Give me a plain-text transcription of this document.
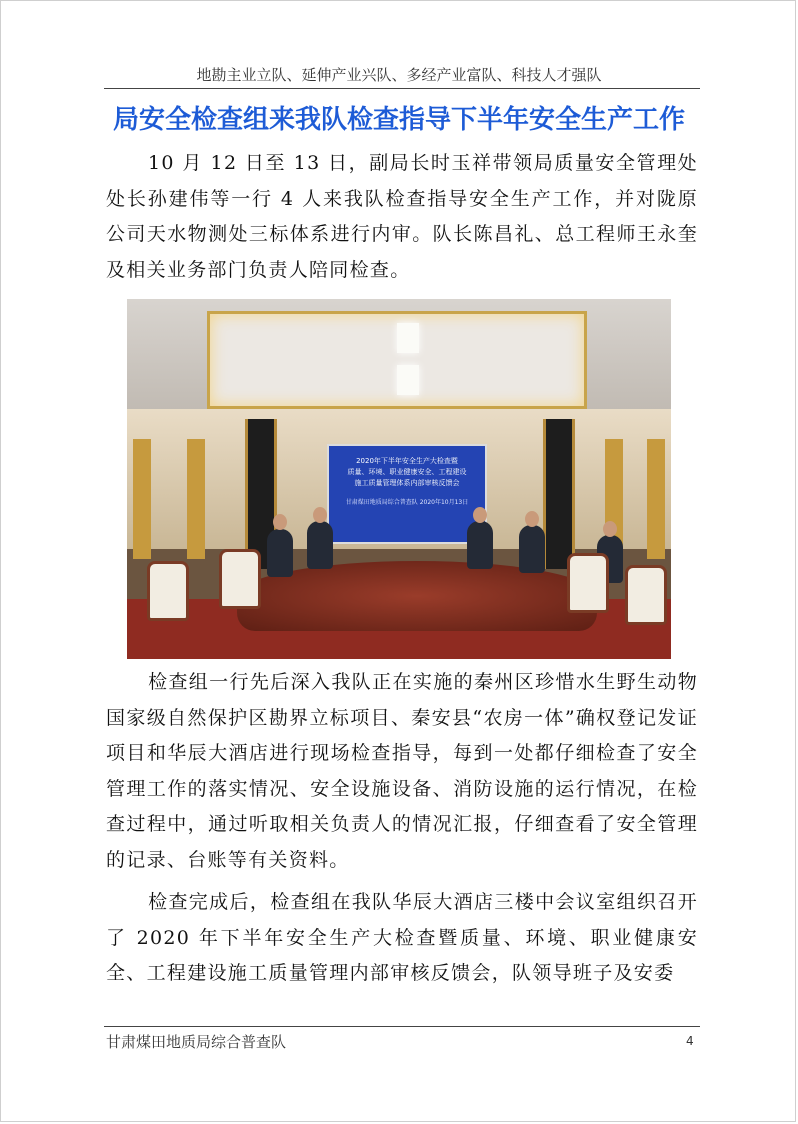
地勘主业立队、延伸产业兴队、多经产业富队、科技人才强队
局安全检查组来我队检查指导下半年安全生产工作
10 月 12 日至 13 日，副局长时玉祥带领局质量安全管理处处长孙建伟等一行 4 人来我队检查指导安全生产工作，并对陇原公司天水物测处三标体系进行内审。队长陈昌礼、总工程师王永奎及相关业务部门负责人陪同检查。
2020年下半年安全生产大检查暨
质量、环境、职业健康安全、工程建设
施工质量管理体系内部审核反馈会
甘肃煤田地质局综合普查队 2020年10月13日
检查组一行先后深入我队正在实施的秦州区珍惜水生野生动物国家级自然保护区勘界立标项目、秦安县“农房一体”确权登记发证项目和华辰大酒店进行现场检查指导，每到一处都仔细检查了安全管理工作的落实情况、安全设施设备、消防设施的运行情况，在检查过程中，通过听取相关负责人的情况汇报，仔细查看了安全管理的记录、台账等有关资料。
检查完成后，检查组在我队华辰大酒店三楼中会议室组织召开了 2020 年下半年安全生产大检查暨质量、环境、职业健康安全、工程建设施工质量管理内部审核反馈会，队领导班子及安委
甘肃煤田地质局综合普查队	4
